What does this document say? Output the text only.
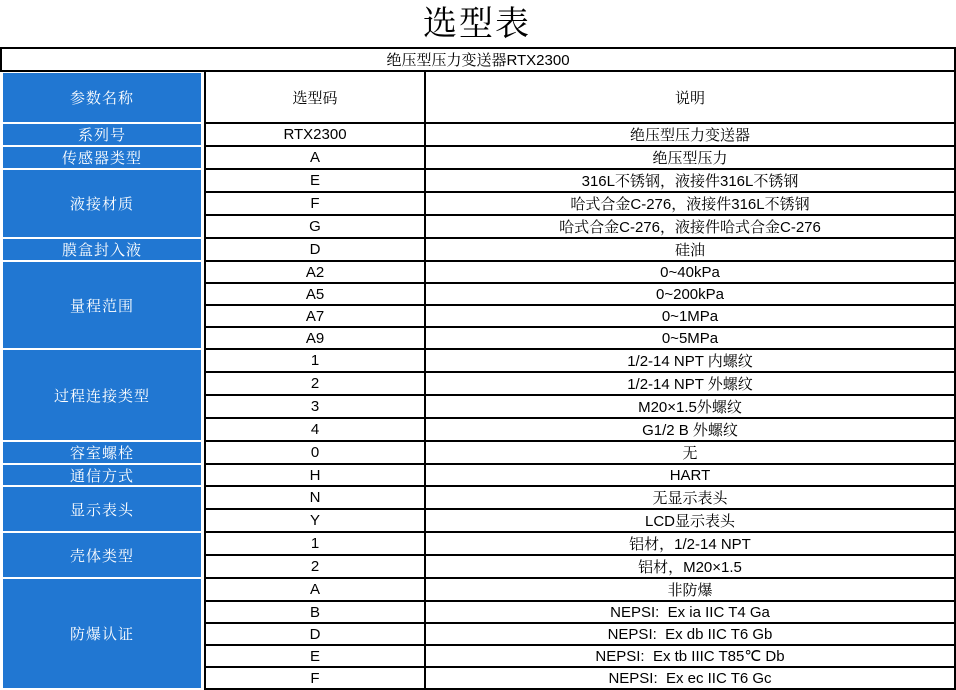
选型表
绝压型压力变送器RTX2300		

参数名称	选型码	说明

系列号	RTX2300	绝压型压力变送器

传感器类型	A	绝压型压力

液接材质	E	316L不锈钢，液接件316L不锈钢
	F	哈式合金C-276，液接件316L不锈钢
	G	哈式合金C-276，液接件哈式合金C-276

膜盒封入液	D	硅油

量程范围	A2	0~40kPa
	A5	0~200kPa
	A7	0~1MPa
	A9	0~5MPa

过程连接类型	1	1/2-14 NPT 内螺纹
	2	1/2-14 NPT 外螺纹
	3	M20×1.5外螺纹
	4	G1/2 B 外螺纹

容室螺栓	0	无

通信方式	H	HART

显示表头	N	无显示表头
	Y	LCD显示表头

壳体类型	1	铝材，1/2-14 NPT
	2	铝材，M20×1.5

防爆认证	A	非防爆
	B	NEPSI:  Ex ia IIC T4 Ga
	D	NEPSI:  Ex db IIC T6 Gb
	E	NEPSI:  Ex tb IIIC T85℃ Db
	F	NEPSI:  Ex ec IIC T6 Gc
